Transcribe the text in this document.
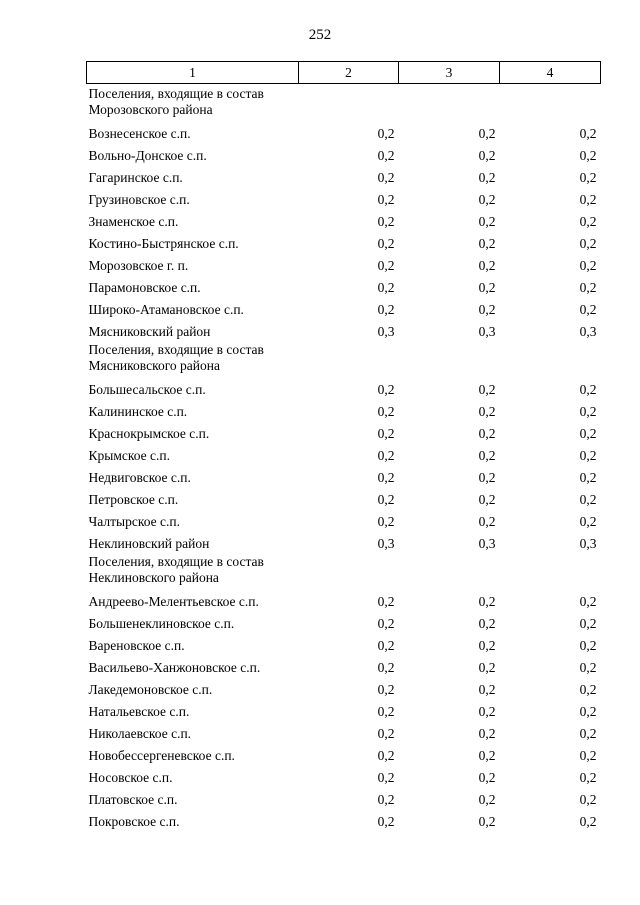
252
1	2	3	4
Поселения, входящие в состав Морозовского района			
Вознесенское с.п.	0,2	0,2	0,2
Вольно-Донское с.п.	0,2	0,2	0,2
Гагаринское с.п.	0,2	0,2	0,2
Грузиновское с.п.	0,2	0,2	0,2
Знаменское с.п.	0,2	0,2	0,2
Костино-Быстрянское с.п.	0,2	0,2	0,2
Морозовское г. п.	0,2	0,2	0,2
Парамоновское с.п.	0,2	0,2	0,2
Широко-Атамановское с.п.	0,2	0,2	0,2
Мясниковский район	0,3	0,3	0,3
Поселения, входящие в состав Мясниковского района			
Большесальское с.п.	0,2	0,2	0,2
Калининское с.п.	0,2	0,2	0,2
Краснокрымское с.п.	0,2	0,2	0,2
Крымское с.п.	0,2	0,2	0,2
Недвиговское с.п.	0,2	0,2	0,2
Петровское с.п.	0,2	0,2	0,2
Чалтырское с.п.	0,2	0,2	0,2
Неклиновский район	0,3	0,3	0,3
Поселения, входящие в состав Неклиновского района			
Андреево-Мелентьевское с.п.	0,2	0,2	0,2
Большенеклиновское с.п.	0,2	0,2	0,2
Вареновское с.п.	0,2	0,2	0,2
Васильево-Ханжоновское с.п.	0,2	0,2	0,2
Лакедемоновское с.п.	0,2	0,2	0,2
Натальевское с.п.	0,2	0,2	0,2
Николаевское с.п.	0,2	0,2	0,2
Новобессергеневское с.п.	0,2	0,2	0,2
Носовское с.п.	0,2	0,2	0,2
Платовское с.п.	0,2	0,2	0,2
Покровское с.п.	0,2	0,2	0,2
